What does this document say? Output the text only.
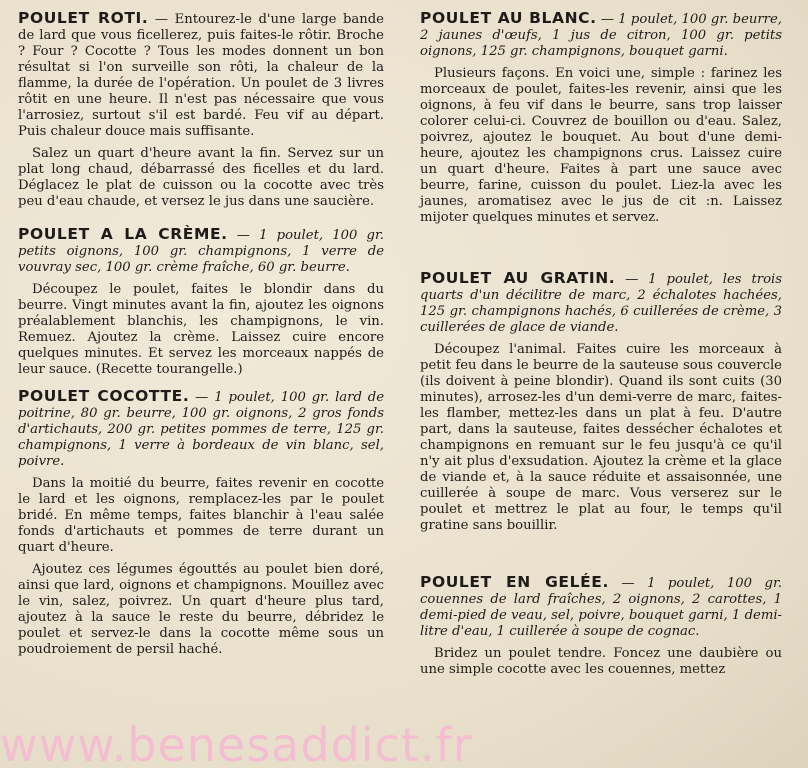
POULET ROTI. — Entourez-le d'une large bande de lard que vous ficellerez, puis faites-le rôtir. Broche ? Four ? Cocotte ? Tous les modes donnent un bon résultat si l'on surveille son rôti, la chaleur de la flamme, la durée de l'opération. Un poulet de 3 livres rôtit en une heure. Il n'est pas nécessaire que vous l'arrosiez, surtout s'il est bardé. Feu vif au départ. Puis chaleur douce mais suffisante.

Salez un quart d'heure avant la fin. Servez sur un plat long chaud, débarrassé des ficelles et du lard. Déglacez le plat de cuisson ou la cocotte avec très peu d'eau chaude, et versez le jus dans une saucière.

POULET A LA CRÈME. — 1 poulet, 100 gr. petits oignons, 100 gr. champignons, 1 verre de vouvray sec, 100 gr. crème fraîche, 60 gr. beurre.

Découpez le poulet, faites le blondir dans du beurre. Vingt minutes avant la fin, ajoutez les oignons préalablement blanchis, les champignons, le vin. Remuez. Ajoutez la crème. Laissez cuire encore quelques minutes. Et servez les morceaux nappés de leur sauce. (Recette tourangelle.)

POULET COCOTTE. — 1 poulet, 100 gr. lard de poitrine, 80 gr. beurre, 100 gr. oignons, 2 gros fonds d'artichauts, 200 gr. petites pommes de terre, 125 gr. champignons, 1 verre à bordeaux de vin blanc, sel, poivre.

Dans la moitié du beurre, faites revenir en cocotte le lard et les oignons, remplacez-les par le poulet bridé. En même temps, faites blanchir à l'eau salée fonds d'artichauts et pommes de terre durant un quart d'heure.

Ajoutez ces légumes égouttés au poulet bien doré, ainsi que lard, oignons et champignons. Mouillez avec le vin, salez, poivrez. Un quart d'heure plus tard, ajoutez à la sauce le reste du beurre, débridez le poulet et servez-le dans la cocotte même sous un poudroiement de persil haché.

POULET AU BLANC. — 1 poulet, 100 gr. beurre, 2 jaunes d'œufs, 1 jus de citron, 100 gr. petits oignons, 125 gr. champignons, bouquet garni.

Plusieurs façons. En voici une, simple : farinez les morceaux de poulet, faites-les revenir, ainsi que les oignons, à feu vif dans le beurre, sans trop laisser colorer celui-ci. Couvrez de bouillon ou d'eau. Salez, poivrez, ajoutez le bouquet. Au bout d'une demi-heure, ajoutez les champignons crus. Laissez cuire un quart d'heure. Faites à part une sauce avec beurre, farine, cuisson du poulet. Liez-la avec les jaunes, aromatisez avec le jus de cit :n. Laissez mijoter quelques minutes et servez.

POULET AU GRATIN. — 1 poulet, les trois quarts d'un décilitre de marc, 2 échalotes hachées, 125 gr. champignons hachés, 6 cuillerées de crème, 3 cuillerées de glace de viande.

Découpez l'animal. Faites cuire les morceaux à petit feu dans le beurre de la sauteuse sous couvercle (ils doivent à peine blondir). Quand ils sont cuits (30 minutes), arrosez-les d'un demi-verre de marc, faites-les flamber, mettez-les dans un plat à feu. D'autre part, dans la sauteuse, faites dessécher échalotes et champignons en remuant sur le feu jusqu'à ce qu'il n'y ait plus d'exsudation. Ajoutez la crème et la glace de viande et, à la sauce réduite et assaisonnée, une cuillerée à soupe de marc. Vous verserez sur le poulet et mettrez le plat au four, le temps qu'il gratine sans bouillir.

POULET EN GELÉE. — 1 poulet, 100 gr. couennes de lard fraîches, 2 oignons, 2 carottes, 1 demi-pied de veau, sel, poivre, bouquet garni, 1 demi-litre d'eau, 1 cuillerée à soupe de cognac.

Bridez un poulet tendre. Foncez une daubière ou une simple cocotte avec les couennes, mettez

www.benesaddict.fr
